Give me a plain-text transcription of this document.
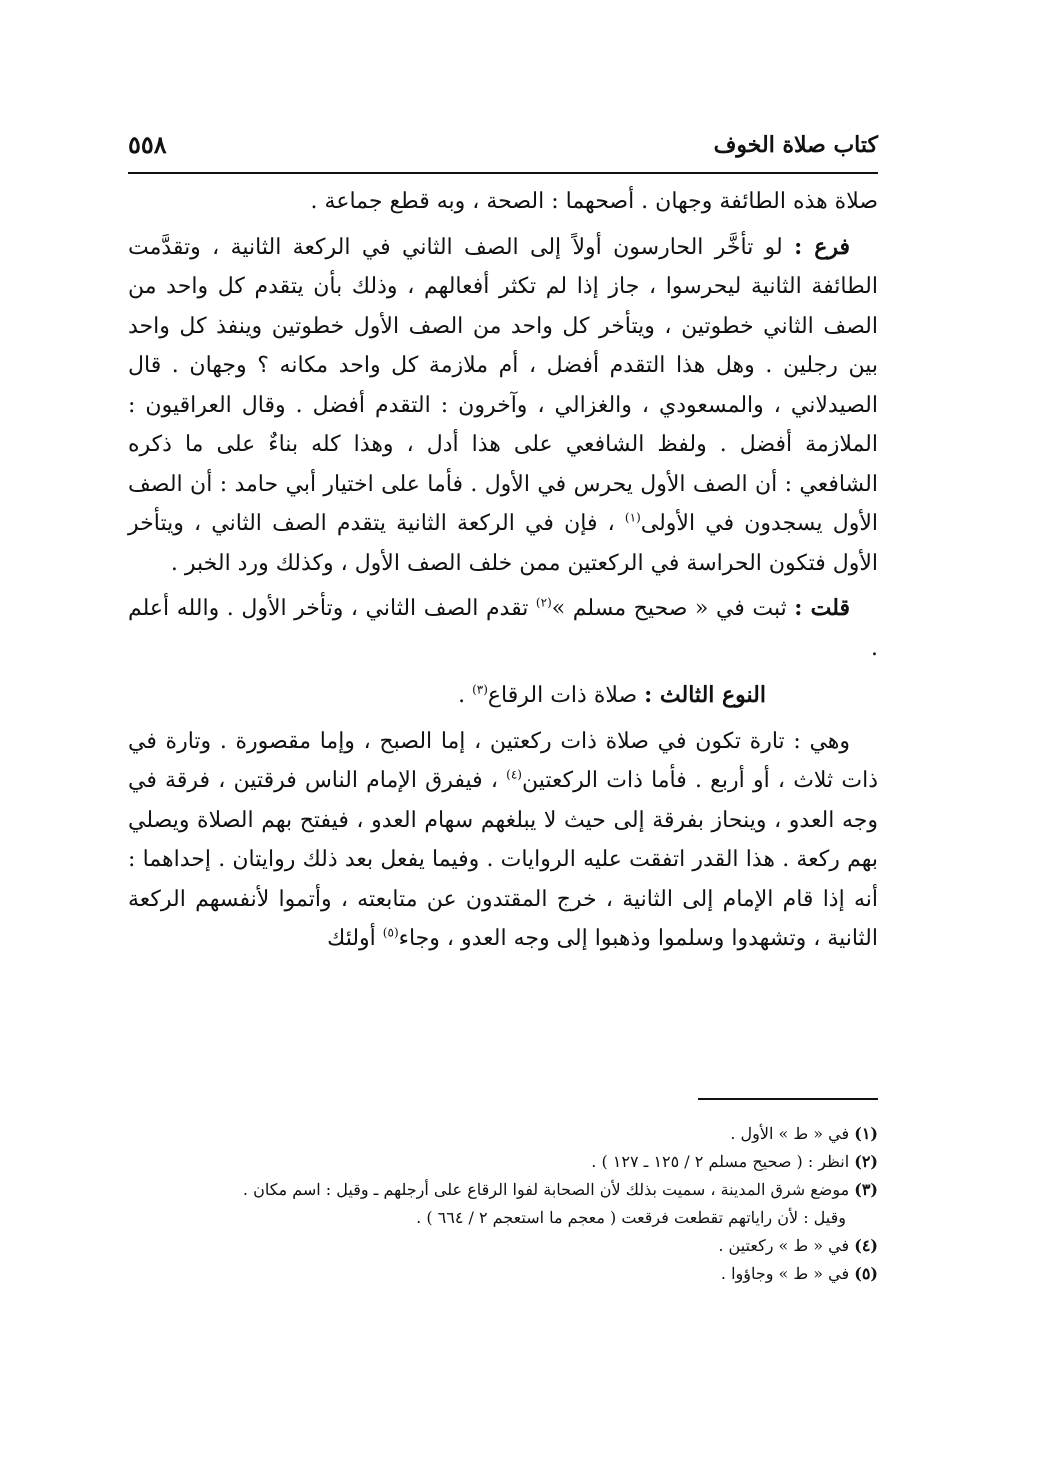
كتاب صلاة الخوف
٥٥٨

صلاة هذه الطائفة وجهان . أصحهما : الصحة ، وبه قطع جماعة .

فرع : لو تأخَّر الحارسون أولاً إلى الصف الثاني في الركعة الثانية ، وتقدَّمت الطائفة الثانية ليحرسوا ، جاز إذا لم تكثر أفعالهم ، وذلك بأن يتقدم كل واحد من الصف الثاني خطوتين ، ويتأخر كل واحد من الصف الأول خطوتين وينفذ كل واحد بين رجلين . وهل هذا التقدم أفضل ، أم ملازمة كل واحد مكانه ؟ وجهان . قال الصيدلاني ، والمسعودي ، والغزالي ، وآخرون : التقدم أفضل . وقال العراقيون : الملازمة أفضل . ولفظ الشافعي على هذا أدل ، وهذا كله بناءٌ على ما ذكره الشافعي : أن الصف الأول يحرس في الأول . فأما على اختيار أبي حامد : أن الصف الأول يسجدون في الأولى$^{(١)}$ ، فإن في الركعة الثانية يتقدم الصف الثاني ، ويتأخر الأول فتكون الحراسة في الركعتين ممن خلف الصف الأول ، وكذلك ورد الخبر .

قلت : ثبت في « صحيح مسلم »$^{(٢)}$ تقدم الصف الثاني ، وتأخر الأول . والله أعلم .

النوع الثالث : صلاة ذات الرقاع$^{(٣)}$ .

وهي : تارة تكون في صلاة ذات ركعتين ، إما الصبح ، وإما مقصورة . وتارة في ذات ثلاث ، أو أربع . فأما ذات الركعتين$^{(٤)}$ ، فيفرق الإمام الناس فرقتين ، فرقة في وجه العدو ، وينحاز بفرقة إلى حيث لا يبلغهم سهام العدو ، فيفتح بهم الصلاة ويصلي بهم ركعة . هذا القدر اتفقت عليه الروايات . وفيما يفعل بعد ذلك روايتان . إحداهما : أنه إذا قام الإمام إلى الثانية ، خرج المقتدون عن متابعته ، وأتموا لأنفسهم الركعة الثانية ، وتشهدوا وسلموا وذهبوا إلى وجه العدو ، وجاء$^{(٥)}$ أولئك

(١) في « ط » الأول .

(٢) انظر : ( صحيح مسلم ٢ / ١٢٥ ـ ١٢٧ ) .

(٣) موضع شرق المدينة ، سميت بذلك لأن الصحابة لفوا الرقاع على أرجلهم ـ وقيل : اسم مكان .

وقيل : لأن راياتهم تقطعت فرقعت ( معجم ما استعجم ٢ / ٦٦٤ ) .

(٤) في « ط » ركعتين .

(٥) في « ط » وجاؤوا .
